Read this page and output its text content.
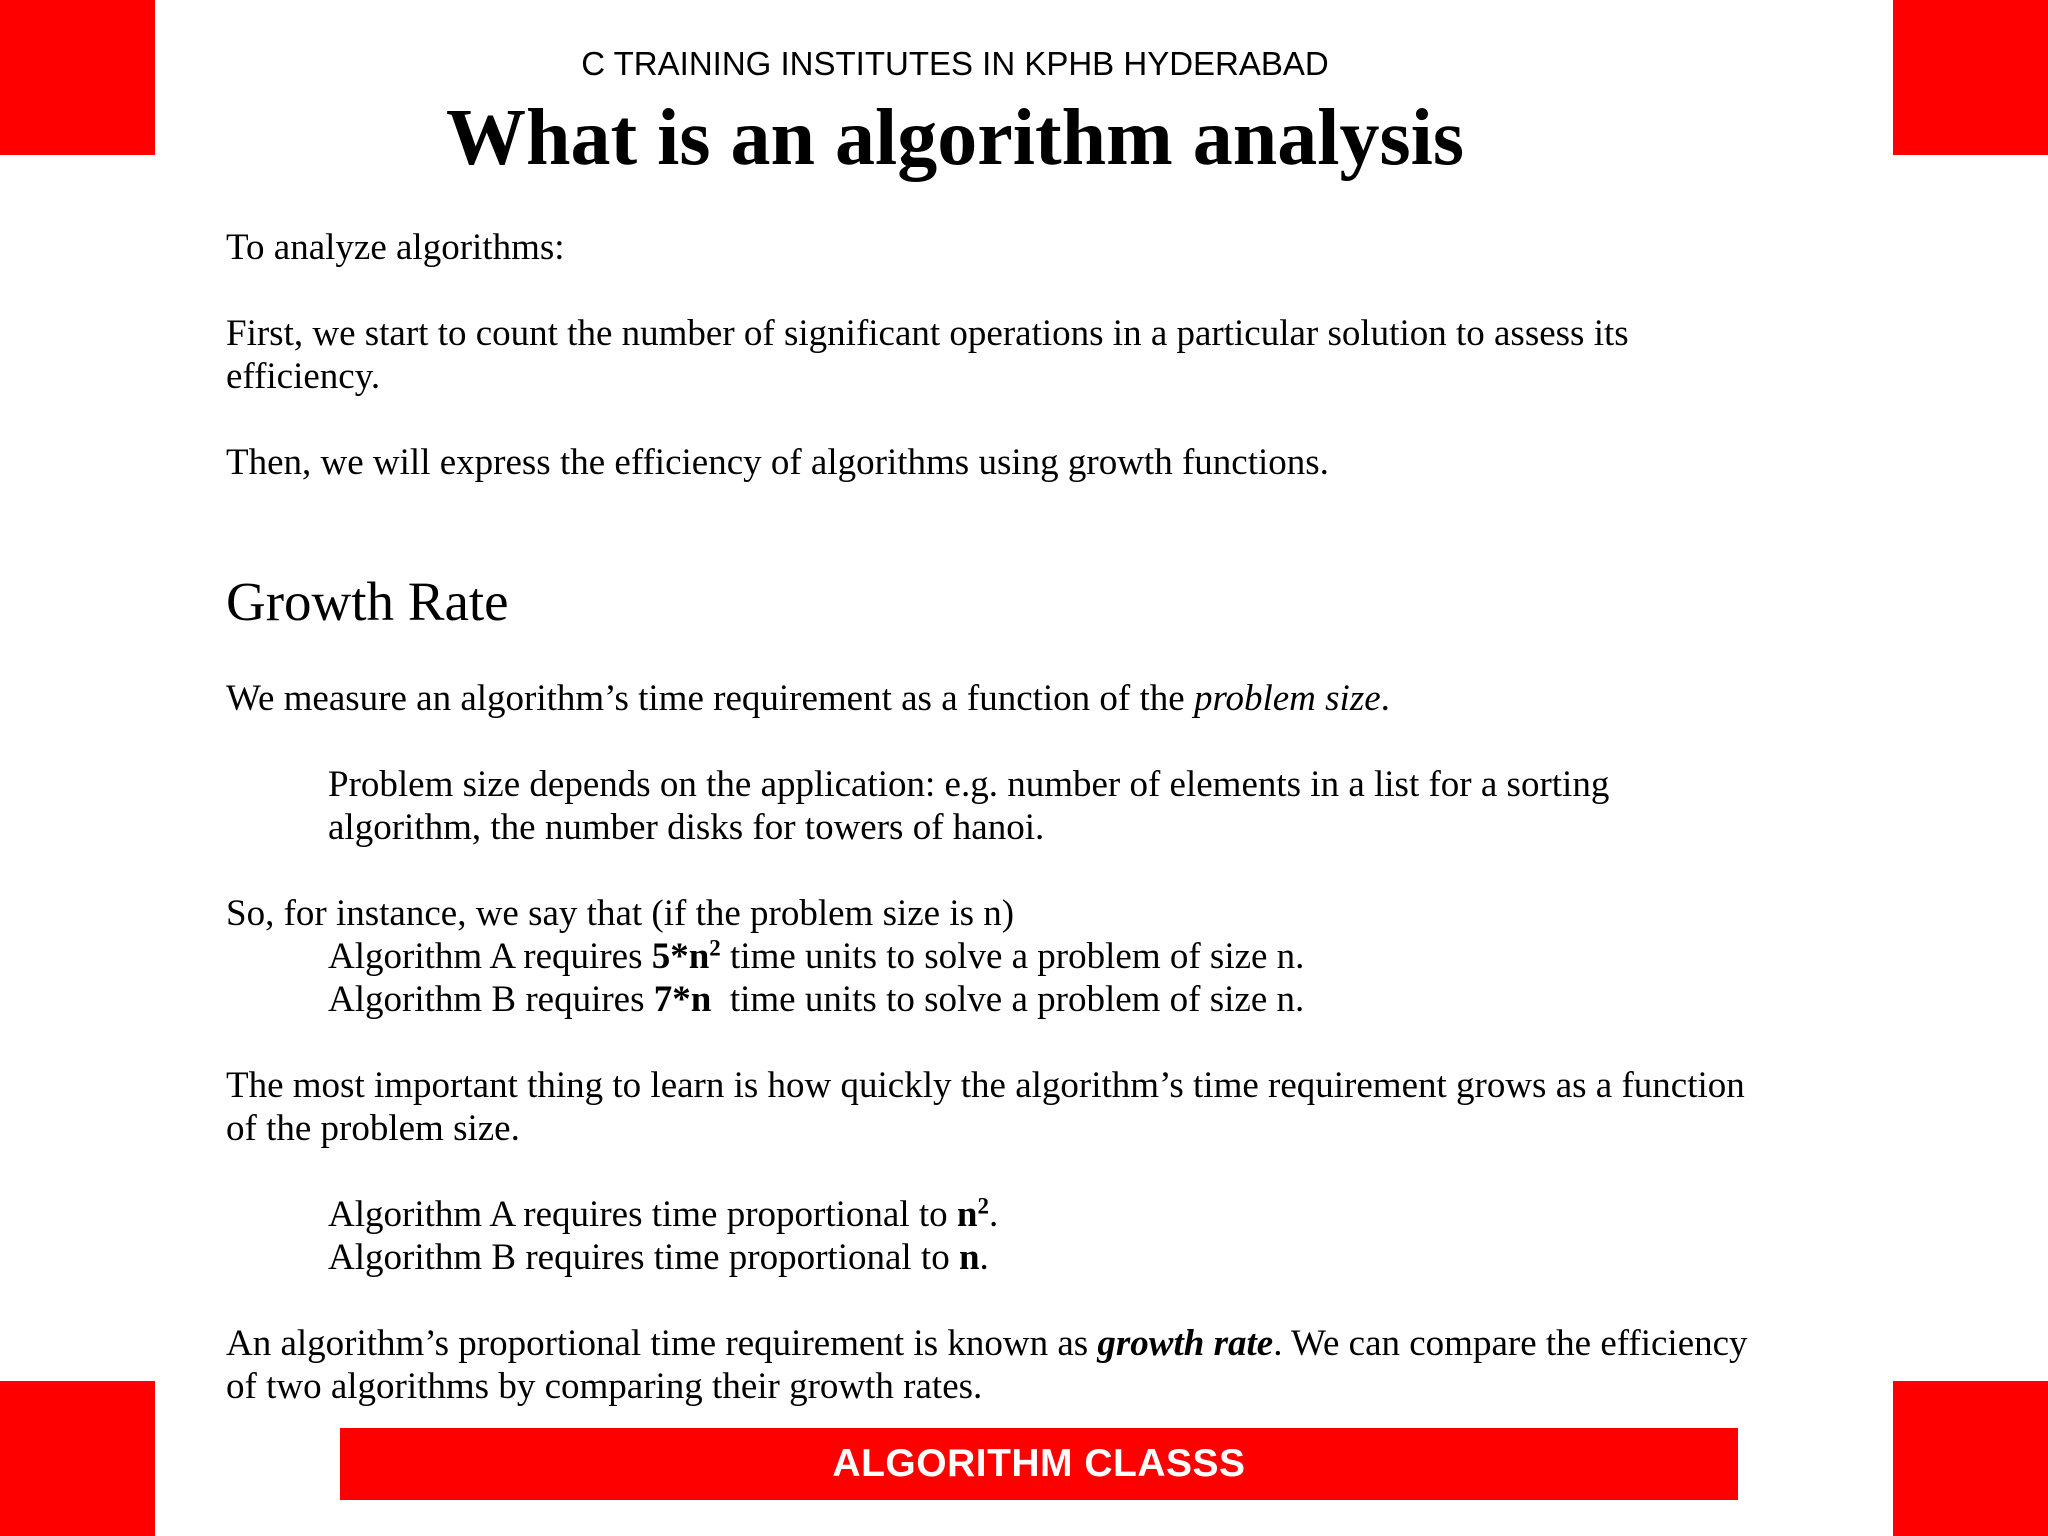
C TRAINING INSTITUTES IN KPHB HYDERABAD
What is an algorithm analysis

To analyze algorithms:

First, we start to count the number of significant operations in a particular solution to assess its efficiency.

Then, we will express the efficiency of algorithms using growth functions.

Growth Rate

We measure an algorithm’s time requirement as a function of the problem size.

Problem size depends on the application: e.g. number of elements in a list for a sorting algorithm, the number disks for towers of hanoi.

So, for instance, we say that (if the problem size is n)

Algorithm A requires $5*n^2$ time units to solve a problem of size n.

Algorithm B requires 7*n  time units to solve a problem of size n.

The most important thing to learn is how quickly the algorithm’s time requirement grows as a function of the problem size.

Algorithm A requires time proportional to $n^2$.

Algorithm B requires time proportional to n.

An algorithm’s proportional time requirement is known as growth rate. We can compare the efficiency of two algorithms by comparing their growth rates.

ALGORITHM CLASSS
